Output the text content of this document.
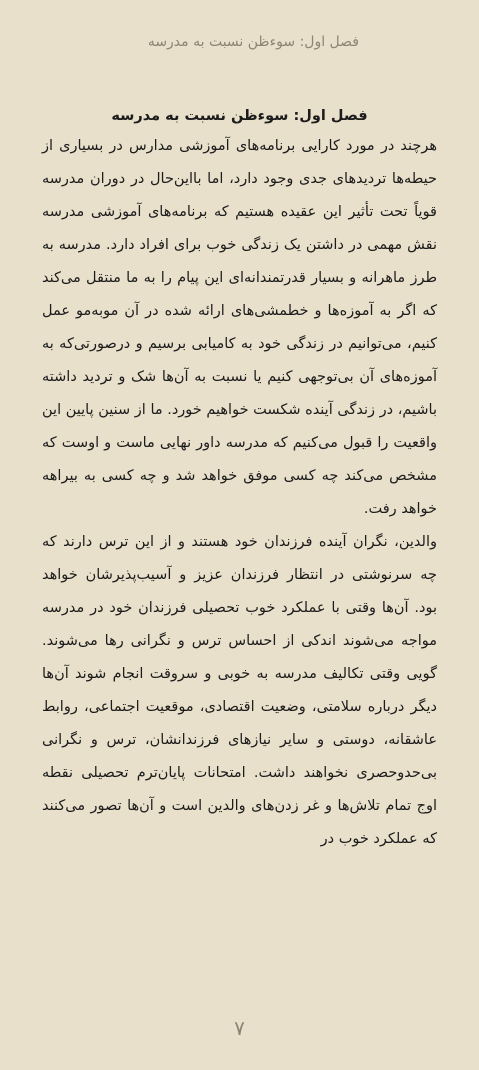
فصل اول: سوءظن نسبت به مدرسه
فصل اول: سوءظن نسبت به مدرسه

هرچند در مورد کارایی برنامه‌های آموزشی مدارس در بسیاری از حیطه‌ها تردیدهای جدی وجود دارد، اما بااین‌حال در دوران مدرسه قویاً تحت تأثیر این عقیده هستیم که برنامه‌های آموزشی مدرسه نقش مهمی در داشتن یک زندگی خوب برای افراد دارد. مدرسه به طرز ماهرانه و بسیار قدرتمندانه‌ای این پیام را به ما منتقل می‌کند که اگر به آموزه‌ها و خطمشی‌های ارائه شده در آن موبه‌مو عمل کنیم، می‌توانیم در زندگی خود به کامیابی برسیم و درصورتی‌که به آموزه‌های آن بی‌توجهی کنیم یا نسبت به آن‌ها شک و تردید داشته باشیم، در زندگی آینده شکست خواهیم خورد. ما از سنین پایین این واقعیت را قبول می‌کنیم که مدرسه داور نهایی ماست و اوست که مشخص می‌کند چه کسی موفق خواهد شد و چه کسی به بیراهه خواهد رفت.

والدین، نگران آینده فرزندان خود هستند و از این ترس دارند که چه سرنوشتی در انتظار فرزندان عزیز و آسیب‌پذیرشان خواهد بود. آن‌ها وقتی با عملکرد خوب تحصیلی فرزندان خود در مدرسه مواجه می‌شوند اندکی از احساس ترس و نگرانی رها می‌شوند. گویی وقتی تکالیف مدرسه به خوبی و سروقت انجام شوند آن‌ها دیگر درباره سلامتی، وضعیت اقتصادی، موقعیت اجتماعی، روابط عاشقانه، دوستی و سایر نیازهای فرزندانشان، ترس و نگرانی بی‌حدوحصری نخواهند داشت. امتحانات پایان‌ترم تحصیلی نقطه اوج تمام تلاش‌ها و غر زدن‌های والدین است و آن‌ها تصور می‌کنند که عملکرد خوب در

۷
